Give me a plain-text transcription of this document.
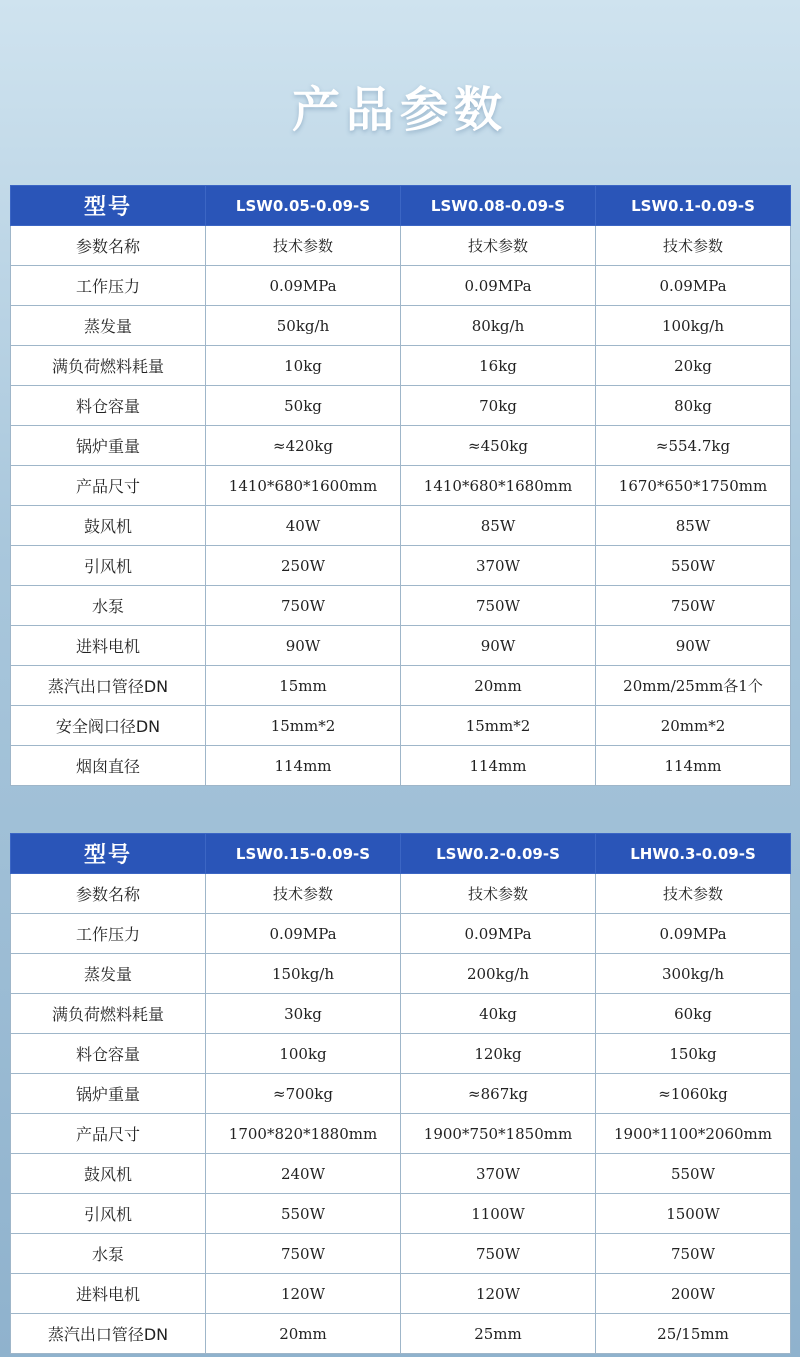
产品参数
型号	LSW0.05-0.09-S	LSW0.08-0.09-S	LSW0.1-0.09-S
参数名称	技术参数	技术参数	技术参数
工作压力	0.09MPa	0.09MPa	0.09MPa
蒸发量	50kg/h	80kg/h	100kg/h
满负荷燃料耗量	10kg	16kg	20kg
料仓容量	50kg	70kg	80kg
锅炉重量	≈420kg	≈450kg	≈554.7kg
产品尺寸	1410*680*1600mm	1410*680*1680mm	1670*650*1750mm
鼓风机	40W	85W	85W
引风机	250W	370W	550W
水泵	750W	750W	750W
进料电机	90W	90W	90W
蒸汽出口管径DN	15mm	20mm	20mm/25mm各1个
安全阀口径DN	15mm*2	15mm*2	20mm*2
烟囱直径	114mm	114mm	114mm
型号	LSW0.15-0.09-S	LSW0.2-0.09-S	LHW0.3-0.09-S
参数名称	技术参数	技术参数	技术参数
工作压力	0.09MPa	0.09MPa	0.09MPa
蒸发量	150kg/h	200kg/h	300kg/h
满负荷燃料耗量	30kg	40kg	60kg
料仓容量	100kg	120kg	150kg
锅炉重量	≈700kg	≈867kg	≈1060kg
产品尺寸	1700*820*1880mm	1900*750*1850mm	1900*1100*2060mm
鼓风机	240W	370W	550W
引风机	550W	1100W	1500W
水泵	750W	750W	750W
进料电机	120W	120W	200W
蒸汽出口管径DN	20mm	25mm	25/15mm
